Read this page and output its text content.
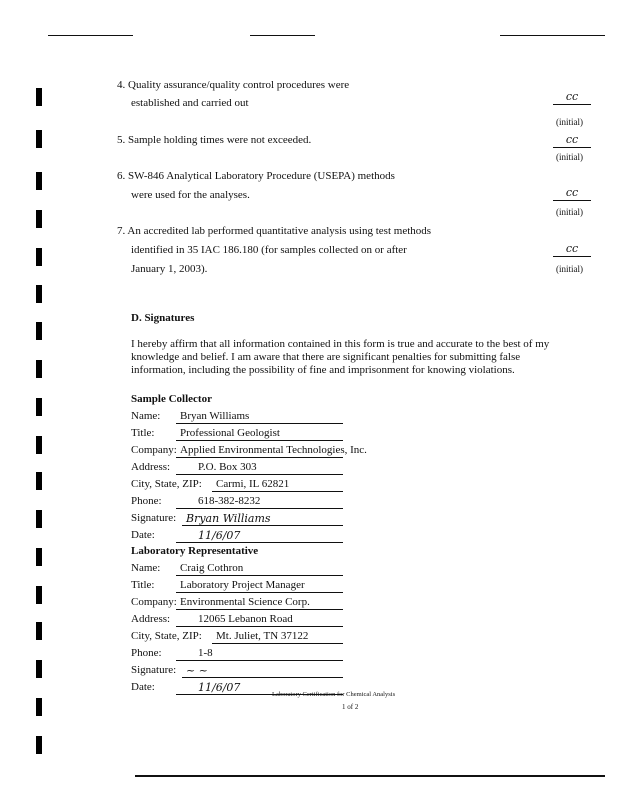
4. Quality assurance/quality control procedures were
established and carried out	cc
(initial)
5. Sample holding times were not exceeded.	cc
(initial)
6. SW-846 Analytical Laboratory Procedure (USEPA) methods
were used for the analyses.	cc
(initial)
7. An accredited lab performed quantitative analysis using test methods
identified in 35 IAC 186.180 (for samples collected on or after
January 1, 2003).
cc
(initial)
D. Signatures
I hereby affirm that all information contained in this form is true and accurate to the best of my
knowledge and belief. I am aware that there are significant penalties for submitting false
information, including the possibility of fine and imprisonment for knowing violations.
Sample Collector
Name: Bryan Williams
Title: Professional Geologist
Company: Applied Environmental Technologies, Inc.
Address:	P.O. Box 303
City, State, ZIP: Carmi, IL 62821
Phone:	618-382-8232
Signature: Bryan Williams
Date:	11/6/07
Laboratory Representative
Name: Craig Cothron
Title: Laboratory Project Manager
Company: Environmental Science Corp.
Address:	12065 Lebanon Road
City, State, ZIP: Mt. Juliet, TN 37122
Phone:	1-8
Signature: ~ ~
Date:	11/6/07
Laboratory Certification for Chemical Analysis
1 of 2
